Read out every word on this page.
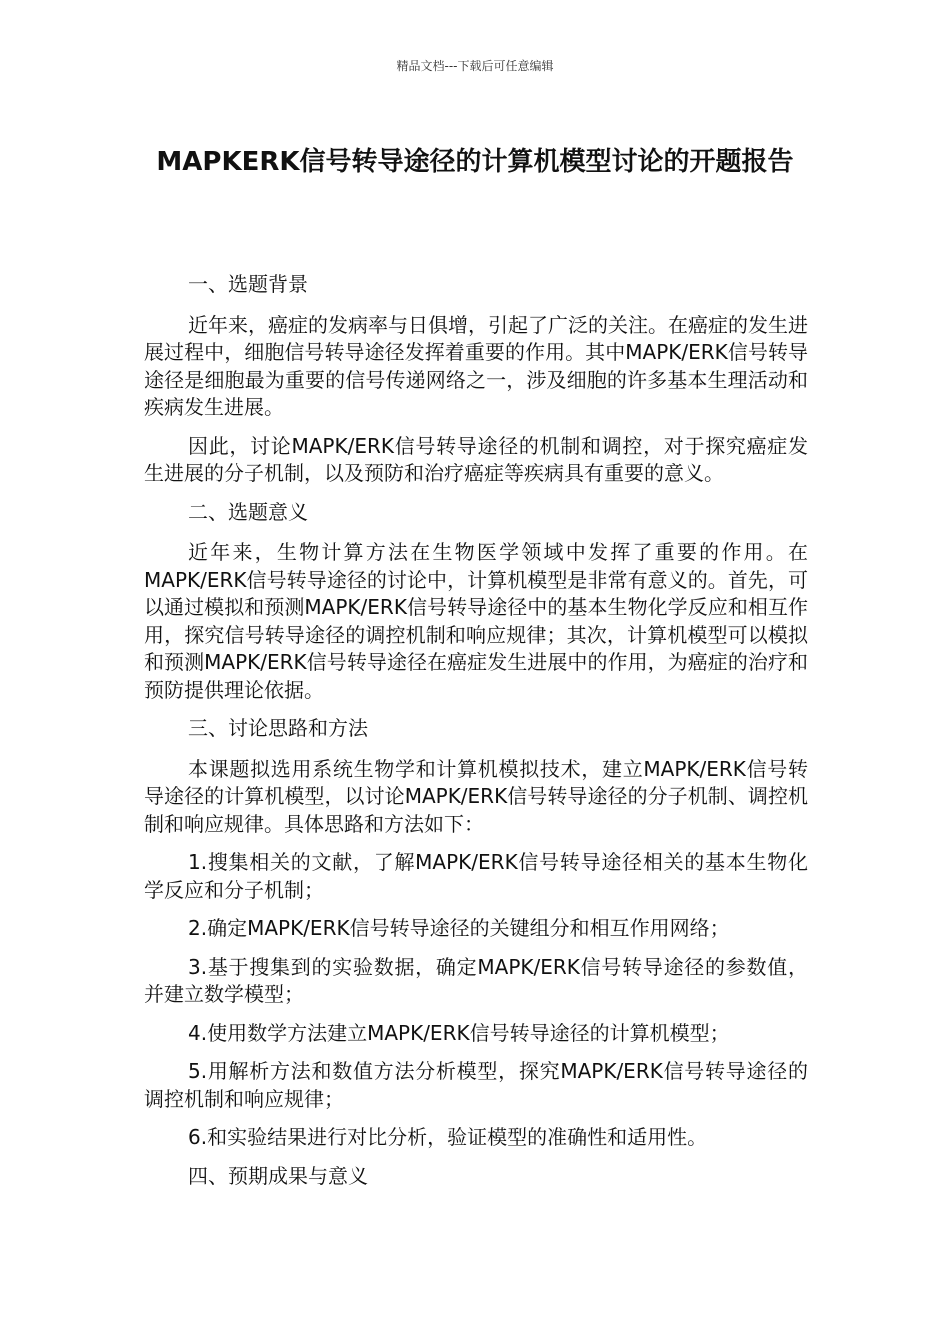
精品文档---下载后可任意编辑
MAPKERK信号转导途径的计算机模型讨论的开题报告

一、选题背景

近年来，癌症的发病率与日俱增，引起了广泛的关注。在癌症的发生进展过程中，细胞信号转导途径发挥着重要的作用。其中MAPK/ERK信号转导途径是细胞最为重要的信号传递网络之一，涉及细胞的许多基本生理活动和疾病发生进展。

因此，讨论MAPK/ERK信号转导途径的机制和调控，对于探究癌症发生进展的分子机制，以及预防和治疗癌症等疾病具有重要的意义。

二、选题意义

近年来，生物计算方法在生物医学领域中发挥了重要的作用。在MAPK/ERK信号转导途径的讨论中，计算机模型是非常有意义的。首先，可以通过模拟和预测MAPK/ERK信号转导途径中的基本生物化学反应和相互作用，探究信号转导途径的调控机制和响应规律；其次，计算机模型可以模拟和预测MAPK/ERK信号转导途径在癌症发生进展中的作用，为癌症的治疗和预防提供理论依据。

三、讨论思路和方法

本课题拟选用系统生物学和计算机模拟技术，建立MAPK/ERK信号转导途径的计算机模型，以讨论MAPK/ERK信号转导途径的分子机制、调控机制和响应规律。具体思路和方法如下：

1.搜集相关的文献，了解MAPK/ERK信号转导途径相关的基本生物化学反应和分子机制；

2.确定MAPK/ERK信号转导途径的关键组分和相互作用网络；

3.基于搜集到的实验数据，确定MAPK/ERK信号转导途径的参数值，并建立数学模型；

4.使用数学方法建立MAPK/ERK信号转导途径的计算机模型；

5.用解析方法和数值方法分析模型，探究MAPK/ERK信号转导途径的调控机制和响应规律；

6.和实验结果进行对比分析，验证模型的准确性和适用性。

四、预期成果与意义
